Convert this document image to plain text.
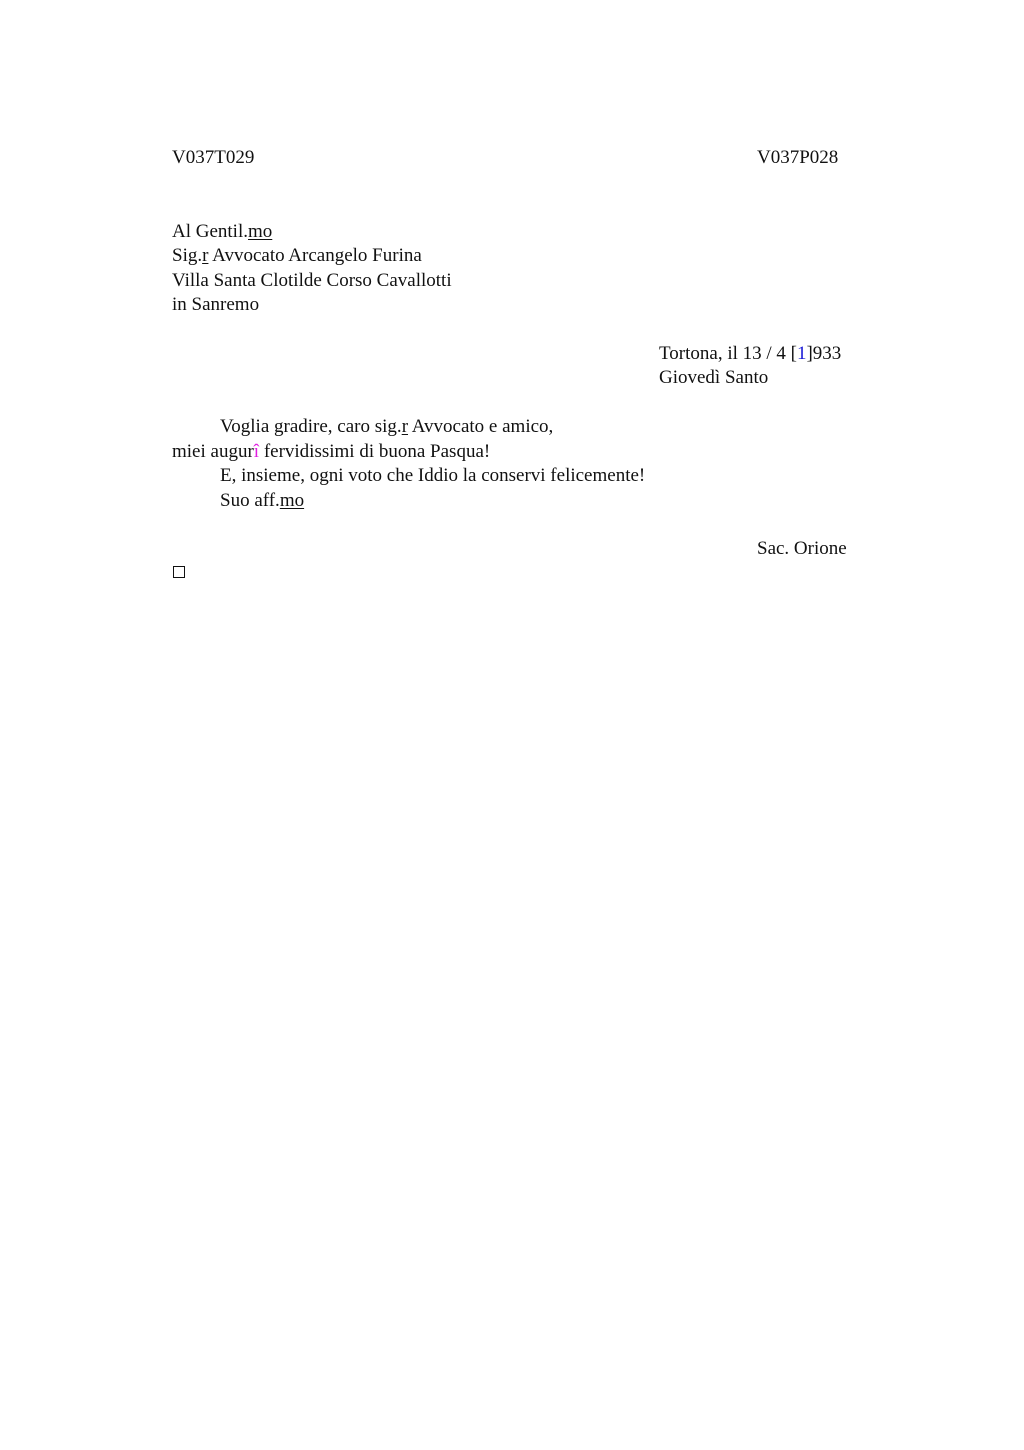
V037T029	V037P028
Al Gentil.mo
Sig.r Avvocato Arcangelo Furina
Villa Santa Clotilde Corso Cavallotti
in Sanremo
Tortona, il 13 / 4 [1]933
Giovedì Santo
Voglia gradire, caro sig.r Avvocato e amico,
miei augurî fervidissimi di buona Pasqua!
E, insieme, ogni voto che Iddio la conservi felicemente!
Suo aff.mo
Sac. Orione
